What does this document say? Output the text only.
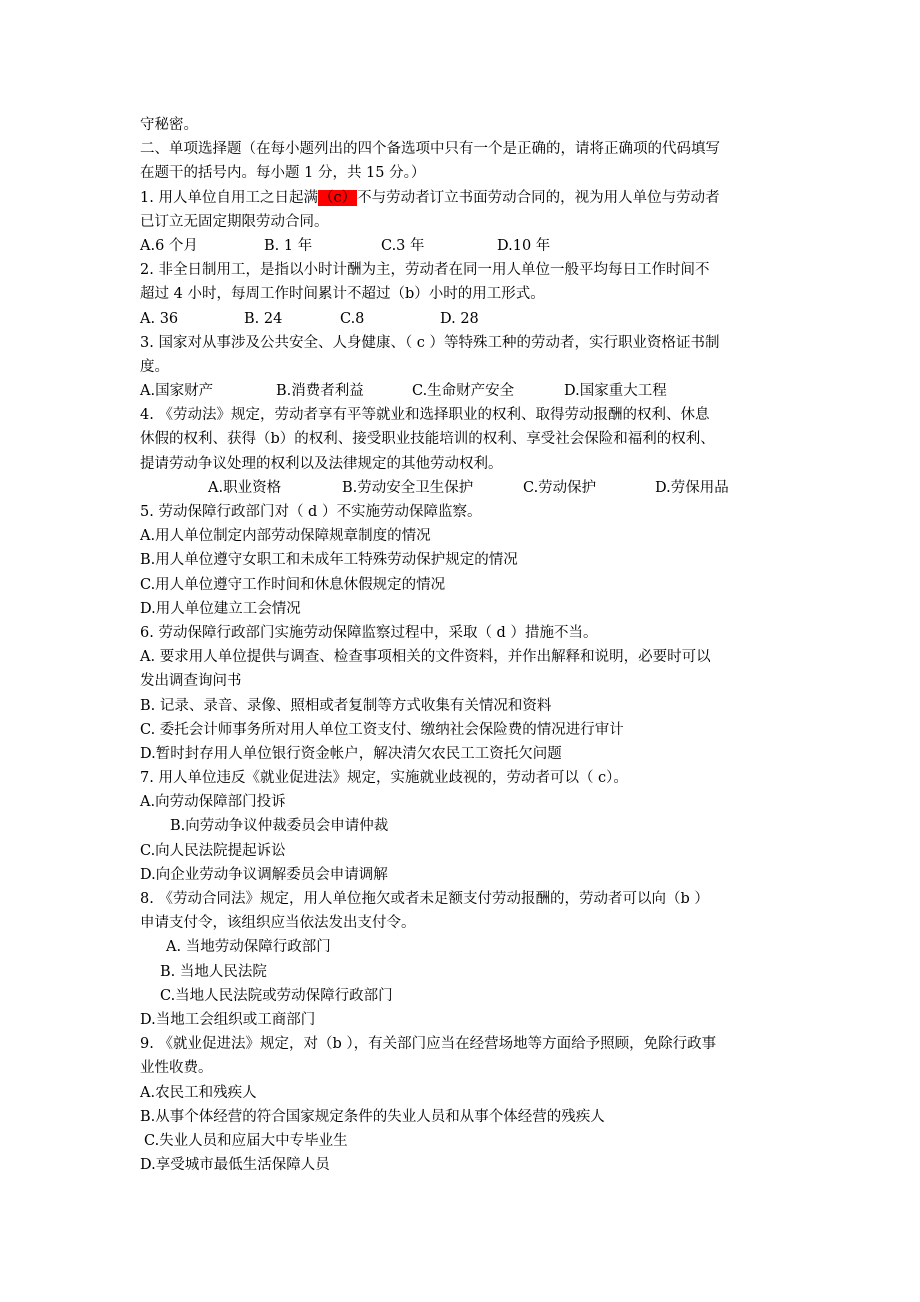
守秘密。
二、单项选择题（在每小题列出的四个备选项中只有一个是正确的，请将正确项的代码填写
在题干的括号内。每小题 1 分，共 15 分。）
1. 用人单位自用工之日起满（c）不与劳动者订立书面劳动合同的，视为用人单位与劳动者
已订立无固定期限劳动合同。
A.6 个月	B. 1 年	C.3 年	D.10 年
2. 非全日制用工，是指以小时计酬为主，劳动者在同一用人单位一般平均每日工作时间不
超过 4 小时，每周工作时间累计不超过（b）小时的用工形式。
A. 36	B. 24	C.8	D. 28
3. 国家对从事涉及公共安全、人身健康、（ c ）等特殊工种的劳动者，实行职业资格证书制
度。
A.国家财产	B.消费者利益	C.生命财产安全	D.国家重大工程
4. 《劳动法》规定，劳动者享有平等就业和选择职业的权利、取得劳动报酬的权利、休息
休假的权利、获得（b）的权利、接受职业技能培训的权利、享受社会保险和福利的权利、
提请劳动争议处理的权利以及法律规定的其他劳动权利。
A.职业资格	B.劳动安全卫生保护	C.劳动保护	D.劳保用品
5. 劳动保障行政部门对（ d ）不实施劳动保障监察。
A.用人单位制定内部劳动保障规章制度的情况
B.用人单位遵守女职工和未成年工特殊劳动保护规定的情况
C.用人单位遵守工作时间和休息休假规定的情况
D.用人单位建立工会情况
6. 劳动保障行政部门实施劳动保障监察过程中，采取（ d ）措施不当。
A. 要求用人单位提供与调查、检查事项相关的文件资料，并作出解释和说明，必要时可以
发出调查询问书
B. 记录、录音、录像、照相或者复制等方式收集有关情况和资料
C. 委托会计师事务所对用人单位工资支付、缴纳社会保险费的情况进行审计
D.暂时封存用人单位银行资金帐户，解决清欠农民工工资托欠问题
7. 用人单位违反《就业促进法》规定，实施就业歧视的，劳动者可以（ c）。
A.向劳动保障部门投诉
B.向劳动争议仲裁委员会申请仲裁
C.向人民法院提起诉讼
D.向企业劳动争议调解委员会申请调解
8. 《劳动合同法》规定，用人单位拖欠或者未足额支付劳动报酬的，劳动者可以向（b ）
申请支付令，该组织应当依法发出支付令。
A. 当地劳动保障行政部门
B. 当地人民法院
C.当地人民法院或劳动保障行政部门
D.当地工会组织或工商部门
9. 《就业促进法》规定，对（b ），有关部门应当在经营场地等方面给予照顾，免除行政事
业性收费。
A.农民工和残疾人
B.从事个体经营的符合国家规定条件的失业人员和从事个体经营的残疾人
C.失业人员和应届大中专毕业生
D.享受城市最低生活保障人员
